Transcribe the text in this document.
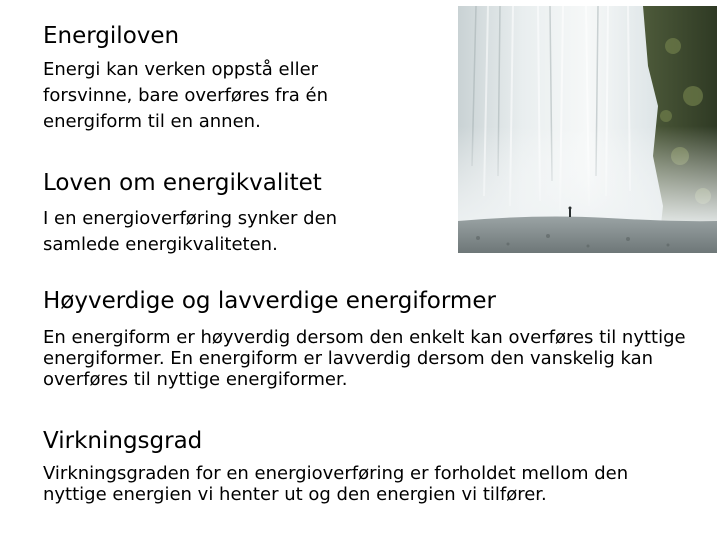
Energiloven

Energi kan verken oppstå eller forsvinne, bare overføres fra én energiform til en annen.

Loven om energikvalitet

I en energioverføring synker den samlede energikvaliteten.

Høyverdige og lavverdige energiformer

En energiform er høyverdig dersom den enkelt kan overføres til nyttige energiformer. En energiform er lavverdig dersom den vanskelig kan overføres til nyttige energiformer.

Virkningsgrad

Virkningsgraden for en energioverføring er forholdet mellom den nyttige energien vi henter ut og den energien vi tilfører.
